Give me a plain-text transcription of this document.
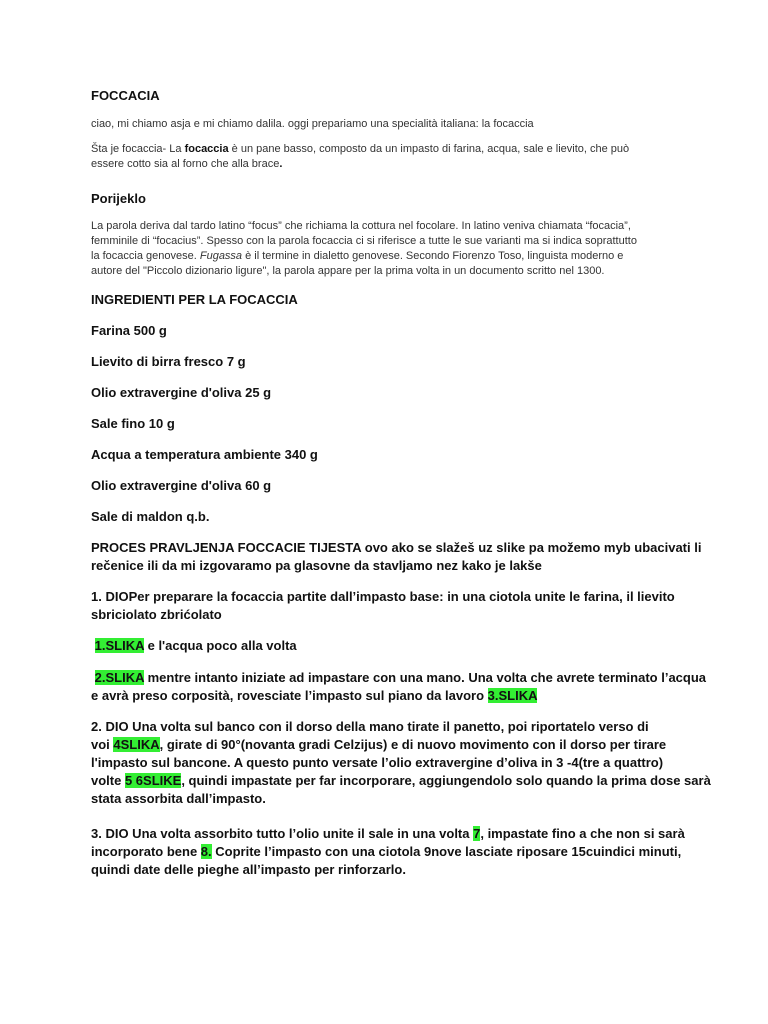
FOCCACIA
ciao, mi chiamo asja e mi chiamo dalila. oggi prepariamo una specialità italiana: la focaccia
Šta je focaccia- La focaccia è un pane basso, composto da un impasto di farina, acqua, sale e lievito, che può
essere cotto sia al forno che alla brace.
Porijeklo
La parola deriva dal tardo latino “focus” che richiama la cottura nel focolare. In latino veniva chiamata “focacia”,
femminile di “focacius”. Spesso con la parola focaccia ci si riferisce a tutte le sue varianti ma si indica soprattutto
la focaccia genovese. Fugassa è il termine in dialetto genovese. Secondo Fiorenzo Toso, linguista moderno e
autore del "Piccolo dizionario ligure", la parola appare per la prima volta in un documento scritto nel 1300.
INGREDIENTI PER LA FOCACCIA
Farina 500 g
Lievito di birra fresco 7 g
Olio extravergine d'oliva 25 g
Sale fino 10 g
Acqua a temperatura ambiente 340 g
Olio extravergine d'oliva 60 g
Sale di maldon q.b.
PROCES PRAVLJENJA FOCCACIE TIJESTA ovo ako se slažeš uz slike pa možemo myb ubacivati li
rečenice ili da mi izgovaramo pa glasovne da stavljamo nez kako je lakše
1. DIOPer preparare la focaccia partite dall’impasto base: in una ciotola unite le farina, il lievito
sbriciolato zbrićolato
1.SLIKA e l'acqua poco alla volta
2.SLIKA mentre intanto iniziate ad impastare con una mano. Una volta che avrete terminato l’acqua
e avrà preso corposità, rovesciate l’impasto sul piano da lavoro 3.SLIKA
2. DIO Una volta sul banco con il dorso della mano tirate il panetto, poi riportatelo verso di
voi 4SLIKA, girate di 90°(novanta gradi Celzijus) e di nuovo movimento con il dorso per tirare
l'impasto sul bancone. A questo punto versate l’olio extravergine d’oliva in 3 -4(tre a quattro)
volte 5 6SLIKE, quindi impastate per far incorporare, aggiungendolo solo quando la prima dose sarà
stata assorbita dall’impasto.
3. DIO Una volta assorbito tutto l’olio unite il sale in una volta 7, impastate fino a che non si sarà
incorporato bene 8. Coprite l’impasto con una ciotola 9nove lasciate riposare 15cuindici minuti,
quindi date delle pieghe all’impasto per rinforzarlo.
